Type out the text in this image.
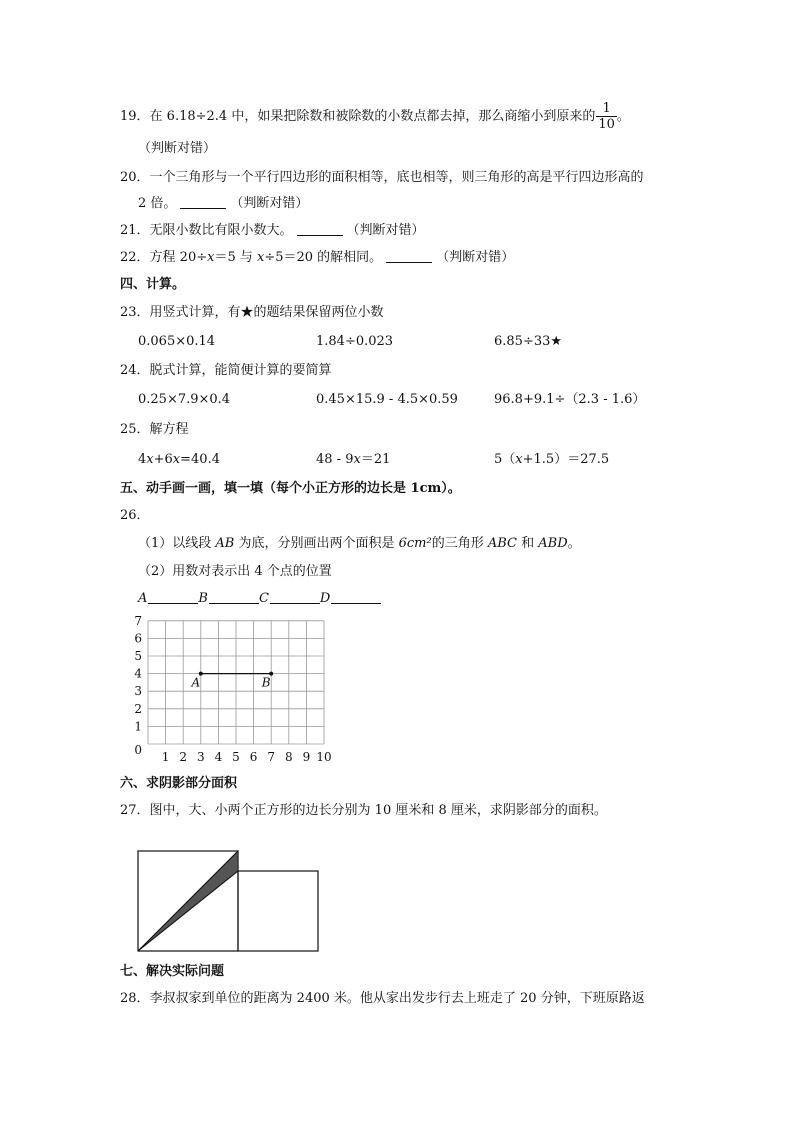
19．在 6.18÷2.4 中，如果把除数和被除数的小数点都去掉，那么商缩小到原来的 $\frac{1}{10}$ 。
（判断对错）
20．一个三角形与一个平行四边形的面积相等，底也相等，则三角形的高是平行四边形高的
2 倍。	（判断对错）
21．无限小数比有限小数大。	（判断对错）
22．方程 20÷x＝5 与 x÷5＝20 的解相同。	（判断对错）
四、计算。
23．用竖式计算，有★的题结果保留两位小数
0.065×0.14	1.84÷0.023	6.85÷33★
24．脱式计算，能简便计算的要简算
0.25×7.9×0.4	0.45×15.9 - 4.5×0.59	96.8+9.1÷（2.3 - 1.6）
25．解方程
4x+6x=40.4	48 - 9x＝21	5（x+1.5）＝27.5
五、动手画一画，填一填（每个小正方形的边长是 1cm）。
26．
（1）以线段 AB 为底，分别画出两个面积是 6cm²的三角形 ABC 和 ABD。
（2）用数对表示出 4 个点的位置
A	B	C	D
1 2 3 4 5 6 7 8 9 10
0
1
2
3
4
5
6
7
A	B
六、求阴影部分面积
27．图中，大、小两个正方形的边长分别为 10 厘米和 8 厘米，求阴影部分的面积。
七、解决实际问题
28．李叔叔家到单位的距离为 2400 米。他从家出发步行去上班走了 20 分钟，下班原路返
